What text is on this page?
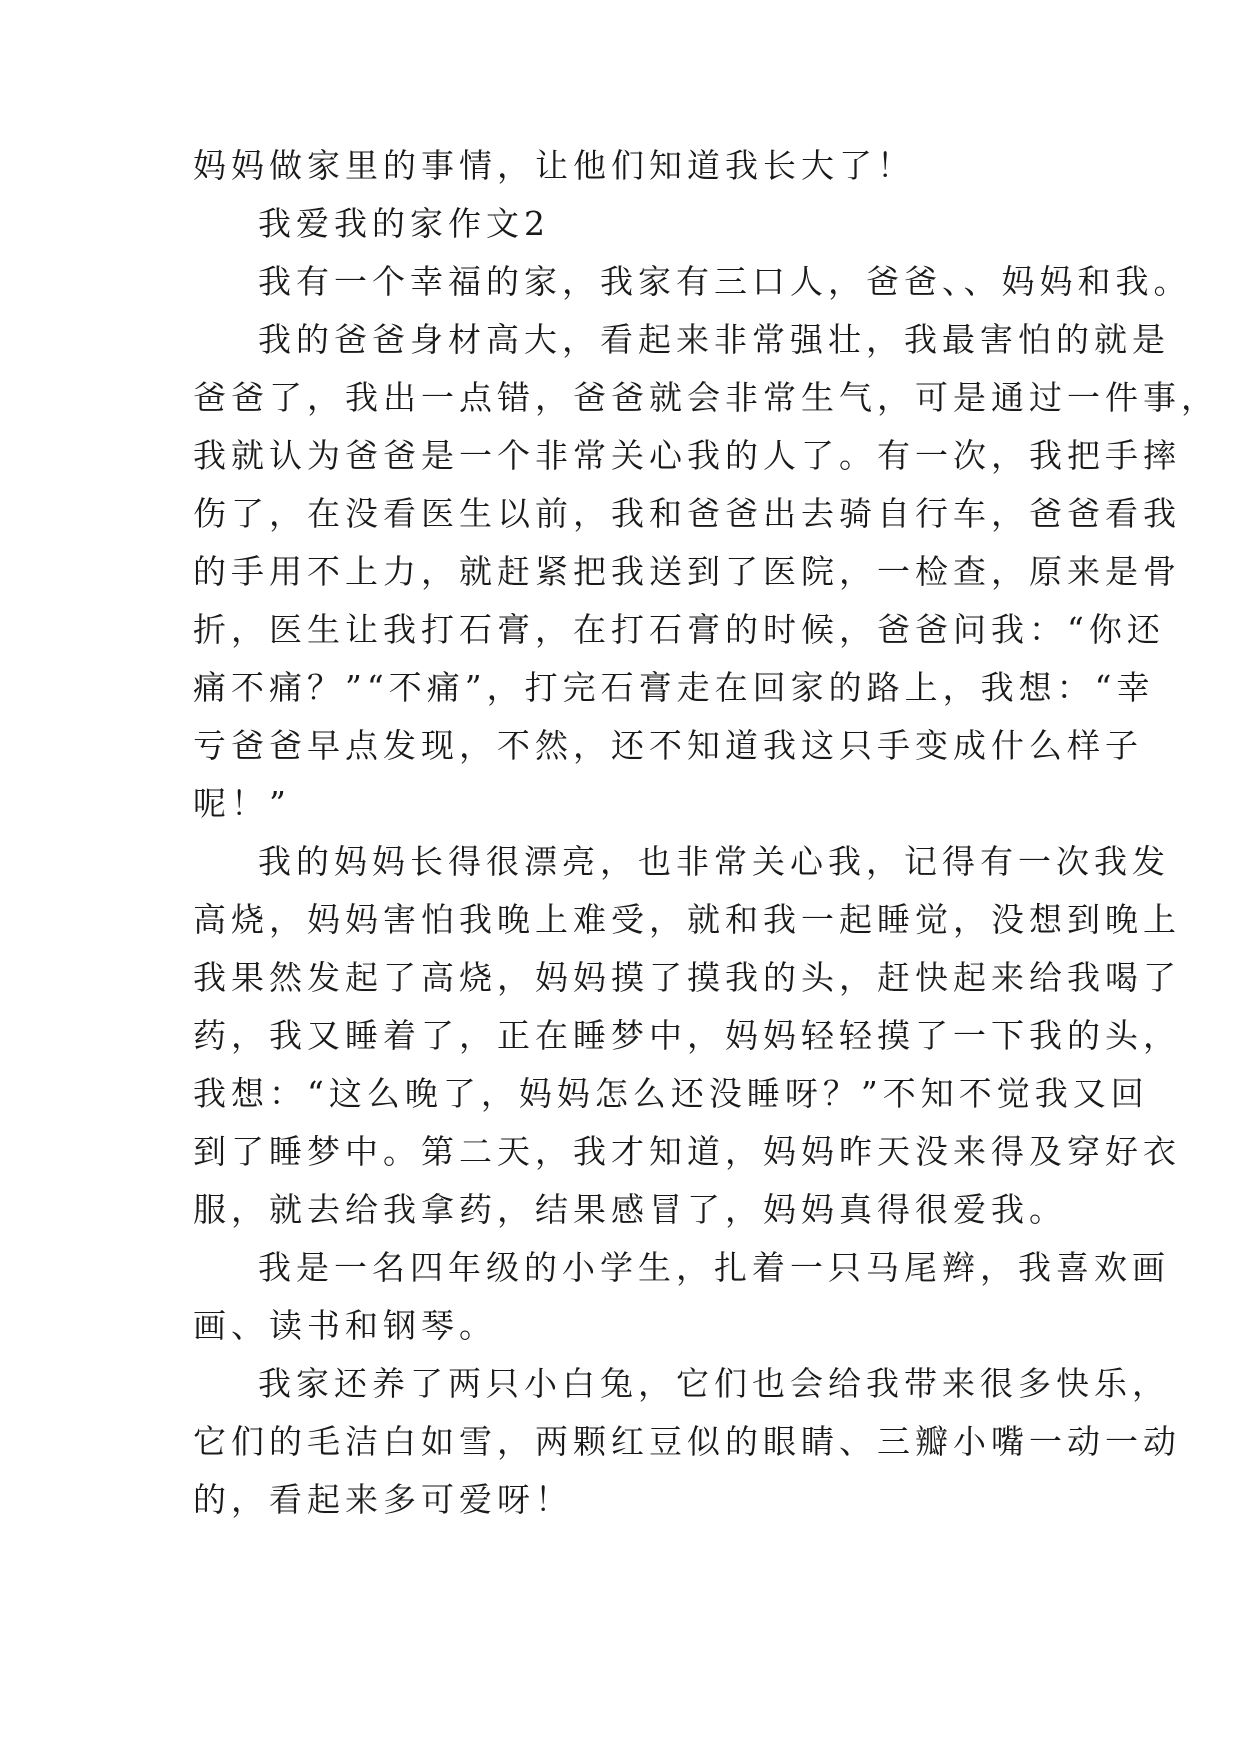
妈妈做家里的事情，让他们知道我长大了！
我爱我的家作文2
我有一个幸福的家，我家有三口人，爸爸、、妈妈和我。
我的爸爸身材高大，看起来非常强壮，我最害怕的就是
爸爸了，我出一点错，爸爸就会非常生气，可是通过一件事，
我就认为爸爸是一个非常关心我的人了。有一次，我把手摔
伤了，在没看医生以前，我和爸爸出去骑自行车，爸爸看我
的手用不上力，就赶紧把我送到了医院，一检查，原来是骨
折，医生让我打石膏，在打石膏的时候，爸爸问我：“你还
痛不痛？”“不痛”，打完石膏走在回家的路上，我想：“幸
亏爸爸早点发现，不然，还不知道我这只手变成什么样子
呢！”
我的妈妈长得很漂亮，也非常关心我，记得有一次我发
高烧，妈妈害怕我晚上难受，就和我一起睡觉，没想到晚上
我果然发起了高烧，妈妈摸了摸我的头，赶快起来给我喝了
药，我又睡着了，正在睡梦中，妈妈轻轻摸了一下我的头，
我想：“这么晚了，妈妈怎么还没睡呀？”不知不觉我又回
到了睡梦中。第二天，我才知道，妈妈昨天没来得及穿好衣
服，就去给我拿药，结果感冒了，妈妈真得很爱我。
我是一名四年级的小学生，扎着一只马尾辫，我喜欢画
画、读书和钢琴。
我家还养了两只小白兔，它们也会给我带来很多快乐，
它们的毛洁白如雪，两颗红豆似的眼睛、三瓣小嘴一动一动
的，看起来多可爱呀！
